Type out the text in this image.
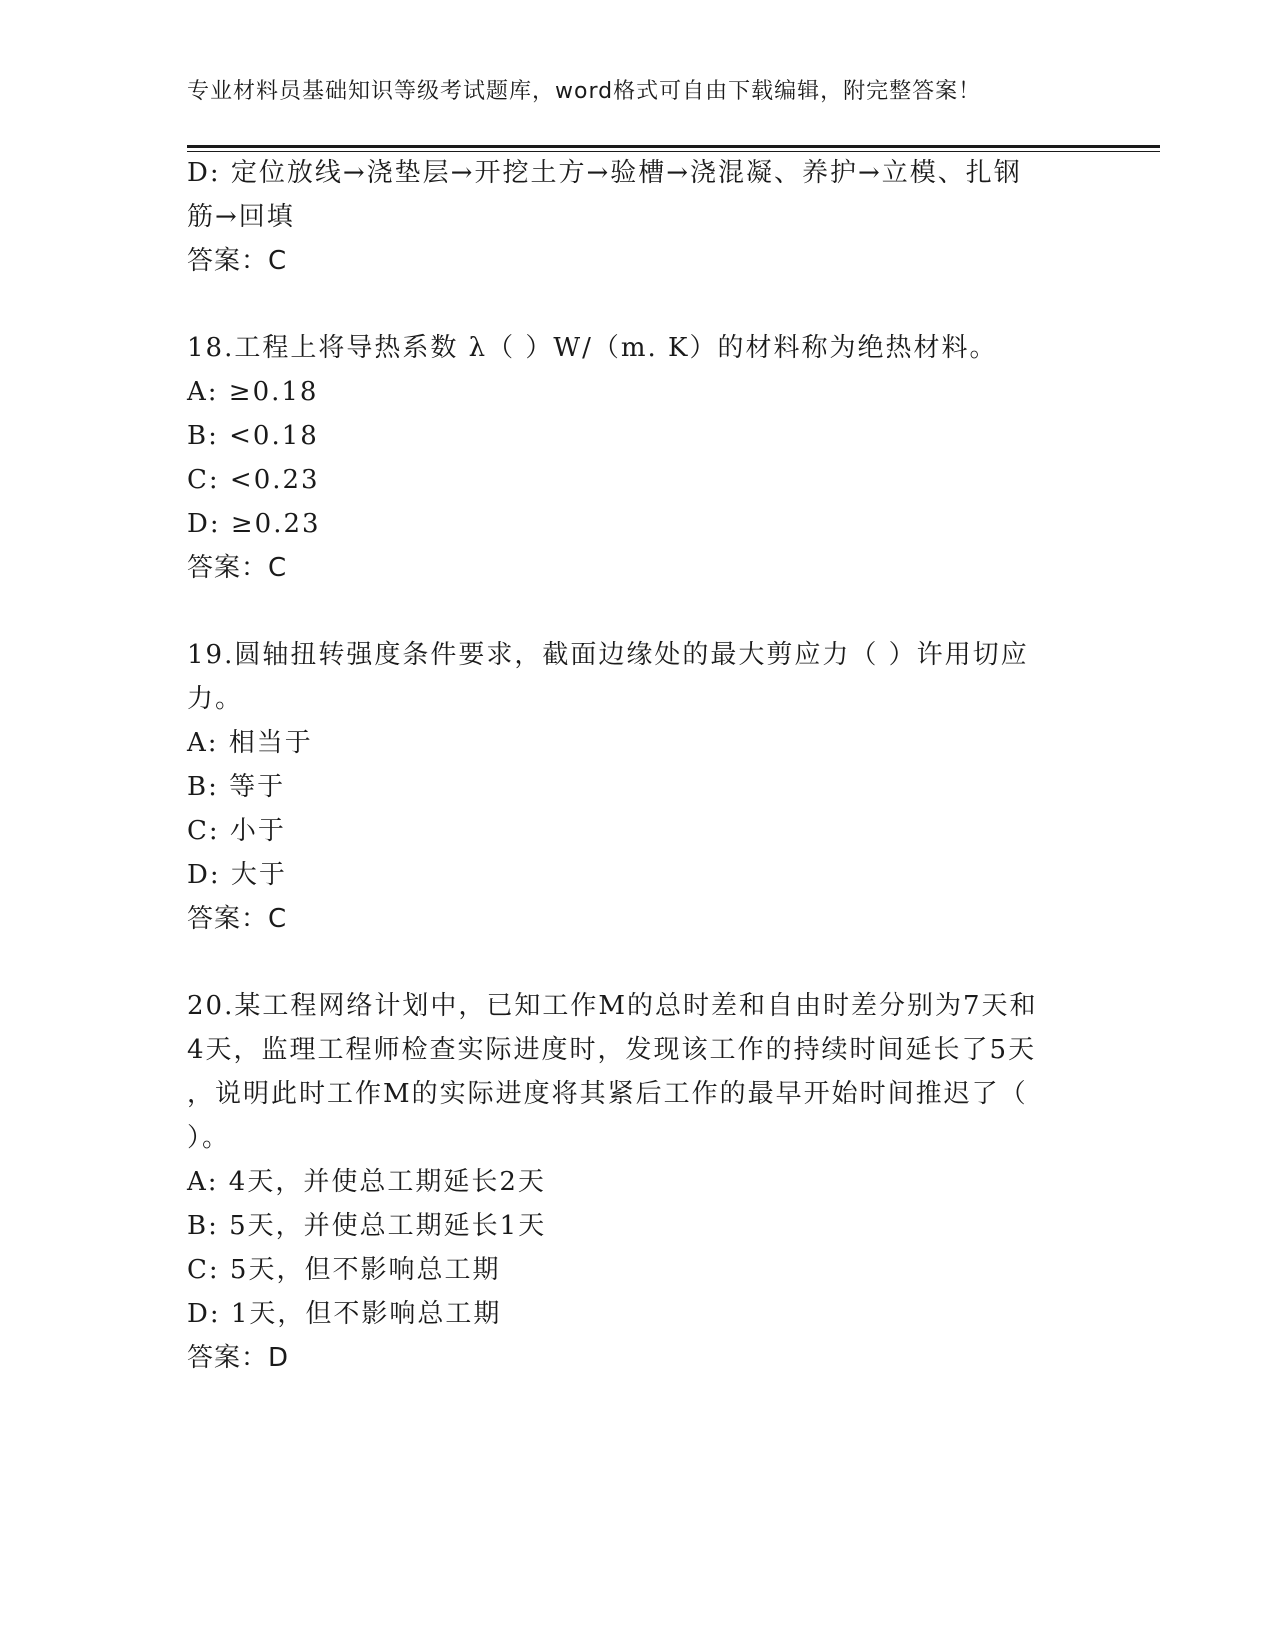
专业材料员基础知识等级考试题库，word格式可自由下载编辑，附完整答案！
D: 定位放线→浇垫层→开挖土方→验槽→浇混凝、养护→立模、扎钢
筋→回填
答案：C
18.工程上将导热系数 λ（ ）W/（m. K）的材料称为绝热材料。
A: ≥0.18
B: <0.18
C: <0.23
D: ≥0.23
答案：C
19.圆轴扭转强度条件要求，截面边缘处的最大剪应力（ ）许用切应
力。
A: 相当于
B: 等于
C: 小于
D: 大于
答案：C
20.某工程网络计划中，已知工作M的总时差和自由时差分别为7天和
4天，监理工程师检查实际进度时，发现该工作的持续时间延长了5天
，说明此时工作M的实际进度将其紧后工作的最早开始时间推迟了（
）。
A: 4天，并使总工期延长2天
B: 5天，并使总工期延长1天
C: 5天，但不影响总工期
D: 1天，但不影响总工期
答案：D
